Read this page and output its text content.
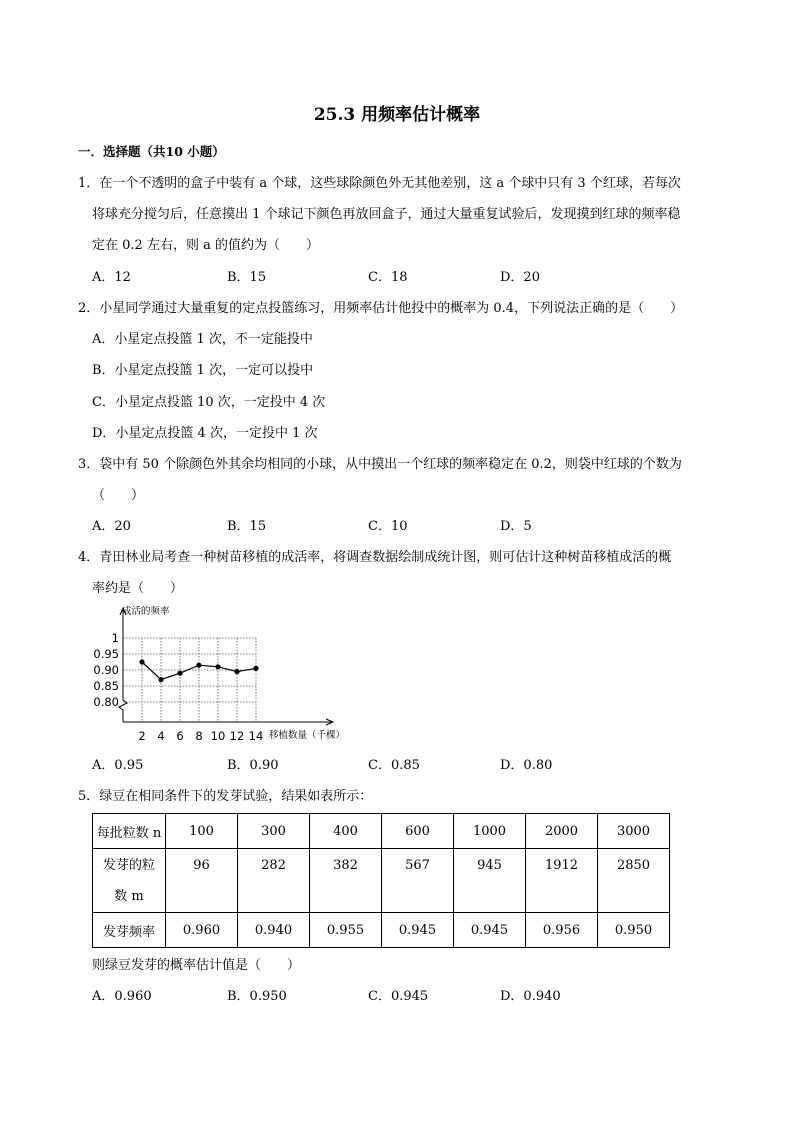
25.3 用频率估计概率
一．选择题（共10 小题）
1．在一个不透明的盒子中装有 a 个球，这些球除颜色外无其他差别，这 a 个球中只有 3 个红球，若每次
将球充分搅匀后，任意摸出 1 个球记下颜色再放回盒子，通过大量重复试验后，发现摸到红球的频率稳
定在 0.2 左右，则 a 的值约为（　　）
A．12	B．15	C．18	D．20
2．小星同学通过大量重复的定点投篮练习，用频率估计他投中的概率为 0.4，下列说法正确的是（　　）
A．小星定点投篮 1 次，不一定能投中
B．小星定点投篮 1 次，一定可以投中
C．小星定点投篮 10 次，一定投中 4 次
D．小星定点投篮 4 次，一定投中 1 次
3．袋中有 50 个除颜色外其余均相同的小球，从中摸出一个红球的频率稳定在 0.2，则袋中红球的个数为
（　　）
A．20	B．15	C．10	D．5
4．青田林业局考查一种树苗移植的成活率，将调查数据绘制成统计图，则可估计这种树苗移植成活的概
率约是（　　）
成活的频率
移植数量（千棵）
1
0.95
0.90
0.85
0.80
2 4 6 8 10 12 14
A．0.95	B．0.90	C．0.85	D．0.80
5．绿豆在相同条件下的发芽试验，结果如表所示：
每批粒数 n	100	300	400	600	1000	2000	3000

发芽的粒
数 m	96	282	382	567	945	1912	2850
发芽频率	0.960	0.940	0.955	0.945	0.945	0.956	0.950
则绿豆发芽的概率估计值是（　　）
A．0.960	B．0.950	C．0.945	D．0.940
